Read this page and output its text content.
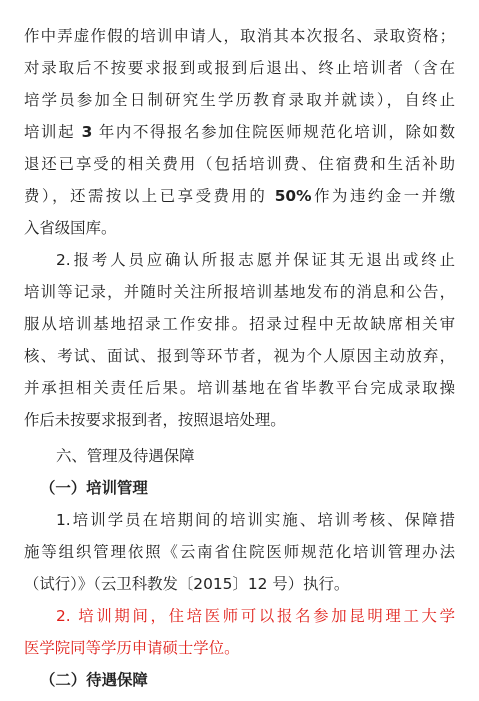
作中弄虚作假的培训申请人，取消其本次报名、录取资格；
对录取后不按要求报到或报到后退出、终止培训者（含在
培学员参加全日制研究生学历教育录取并就读），自终止
培训起 3 年内不得报名参加住院医师规范化培训，除如数
退还已享受的相关费用（包括培训费、住宿费和生活补助
费），还需按以上已享受费用的 50%作为违约金一并缴
入省级国库。
2.报考人员应确认所报志愿并保证其无退出或终止
培训等记录，并随时关注所报培训基地发布的消息和公告，
服从培训基地招录工作安排。招录过程中无故缺席相关审
核、考试、面试、报到等环节者，视为个人原因主动放弃，
并承担相关责任后果。培训基地在省毕教平台完成录取操
作后未按要求报到者，按照退培处理。
六、管理及待遇保障
（一）培训管理
1.培训学员在培期间的培训实施、培训考核、保障措
施等组织管理依照《云南省住院医师规范化培训管理办法
（试行）》（云卫科教发〔2015〕12 号）执行。
2. 培训期间，住培医师可以报名参加昆明理工大学
医学院同等学历申请硕士学位。
（二）待遇保障
